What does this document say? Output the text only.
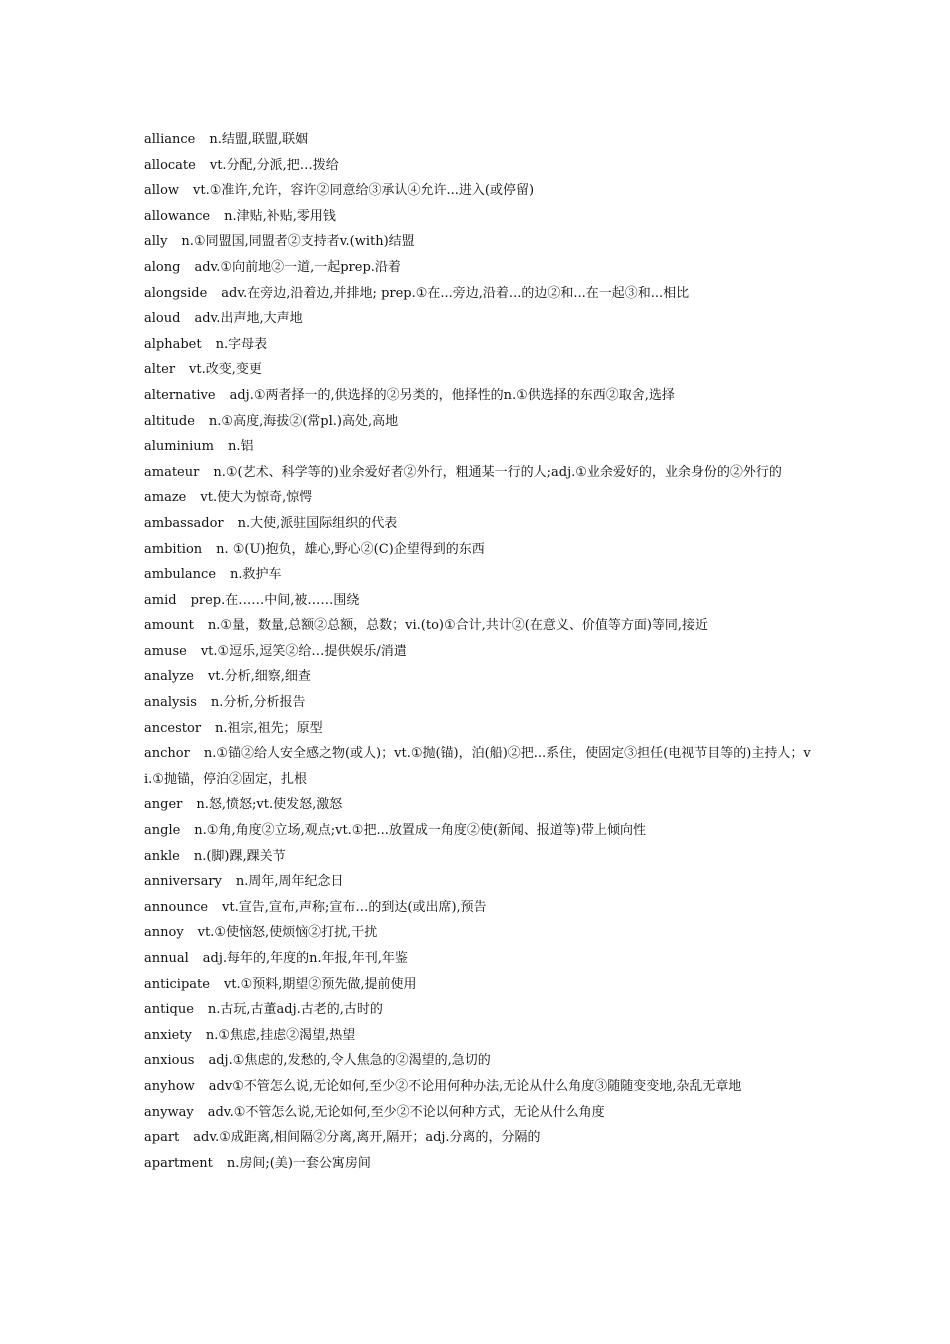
alliance n.结盟,联盟,联姻
allocate vt.分配,分派,把…拨给
allow vt.①准许,允许，容许②同意给③承认④允许...进入(或停留)
allowance n.津贴,补贴,零用钱
ally n.①同盟国,同盟者②支持者v.(with)结盟
along adv.①向前地②一道,一起prep.沿着
alongside adv.在旁边,沿着边,并排地; prep.①在...旁边,沿着...的边②和...在一起③和...相比
aloud adv.出声地,大声地
alphabet n.字母表
alter vt.改变,变更
alternative adj.①两者择一的,供选择的②另类的，他择性的n.①供选择的东西②取舍,选择
altitude n.①高度,海拔②(常pl.)高处,高地
aluminium n.铝
amateur n.①(艺术、科学等的)业余爱好者②外行，粗通某一行的人;adj.①业余爱好的，业余身份的②外行的
amaze vt.使大为惊奇,惊愕
ambassador n.大使,派驻国际组织的代表
ambition n. ①(U)抱负，雄心,野心②(C)企望得到的东西
ambulance n.救护车
amid prep.在……中间,被……围绕
amount n.①量，数量,总额②总额，总数；vi.(to)①合计,共计②(在意义、价值等方面)等同,接近
amuse vt.①逗乐,逗笑②给…提供娱乐/消遣
analyze vt.分析,细察,细查
analysis n.分析,分析报告
ancestor n.祖宗,祖先；原型
anchor n.①锚②给人安全感之物(或人)；vt.①抛(锚)，泊(船)②把...系住，使固定③担任(电视节目等的)主持人；vi.①抛锚，停泊②固定，扎根
anger n.怒,愤怒;vt.使发怒,激怒
angle n.①角,角度②立场,观点;vt.①把...放置成一角度②使(新闻、报道等)带上倾向性
ankle n.(脚)踝,踝关节
anniversary n.周年,周年纪念日
announce vt.宣告,宣布,声称;宣布…的到达(或出席),预告
annoy vt.①使恼怒,使烦恼②打扰,干扰
annual adj.每年的,年度的n.年报,年刊,年鉴
anticipate vt.①预料,期望②预先做,提前使用
antique n.古玩,古董adj.古老的,古时的
anxiety n.①焦虑,挂虑②渴望,热望
anxious adj.①焦虑的,发愁的,令人焦急的②渴望的,急切的
anyhow adv①不管怎么说,无论如何,至少②不论用何种办法,无论从什么角度③随随变变地,杂乱无章地
anyway adv.①不管怎么说,无论如何,至少②不论以何种方式，无论从什么角度
apart adv.①成距离,相间隔②分离,离开,隔开；adj.分离的，分隔的
apartment n.房间;(美)一套公寓房间
